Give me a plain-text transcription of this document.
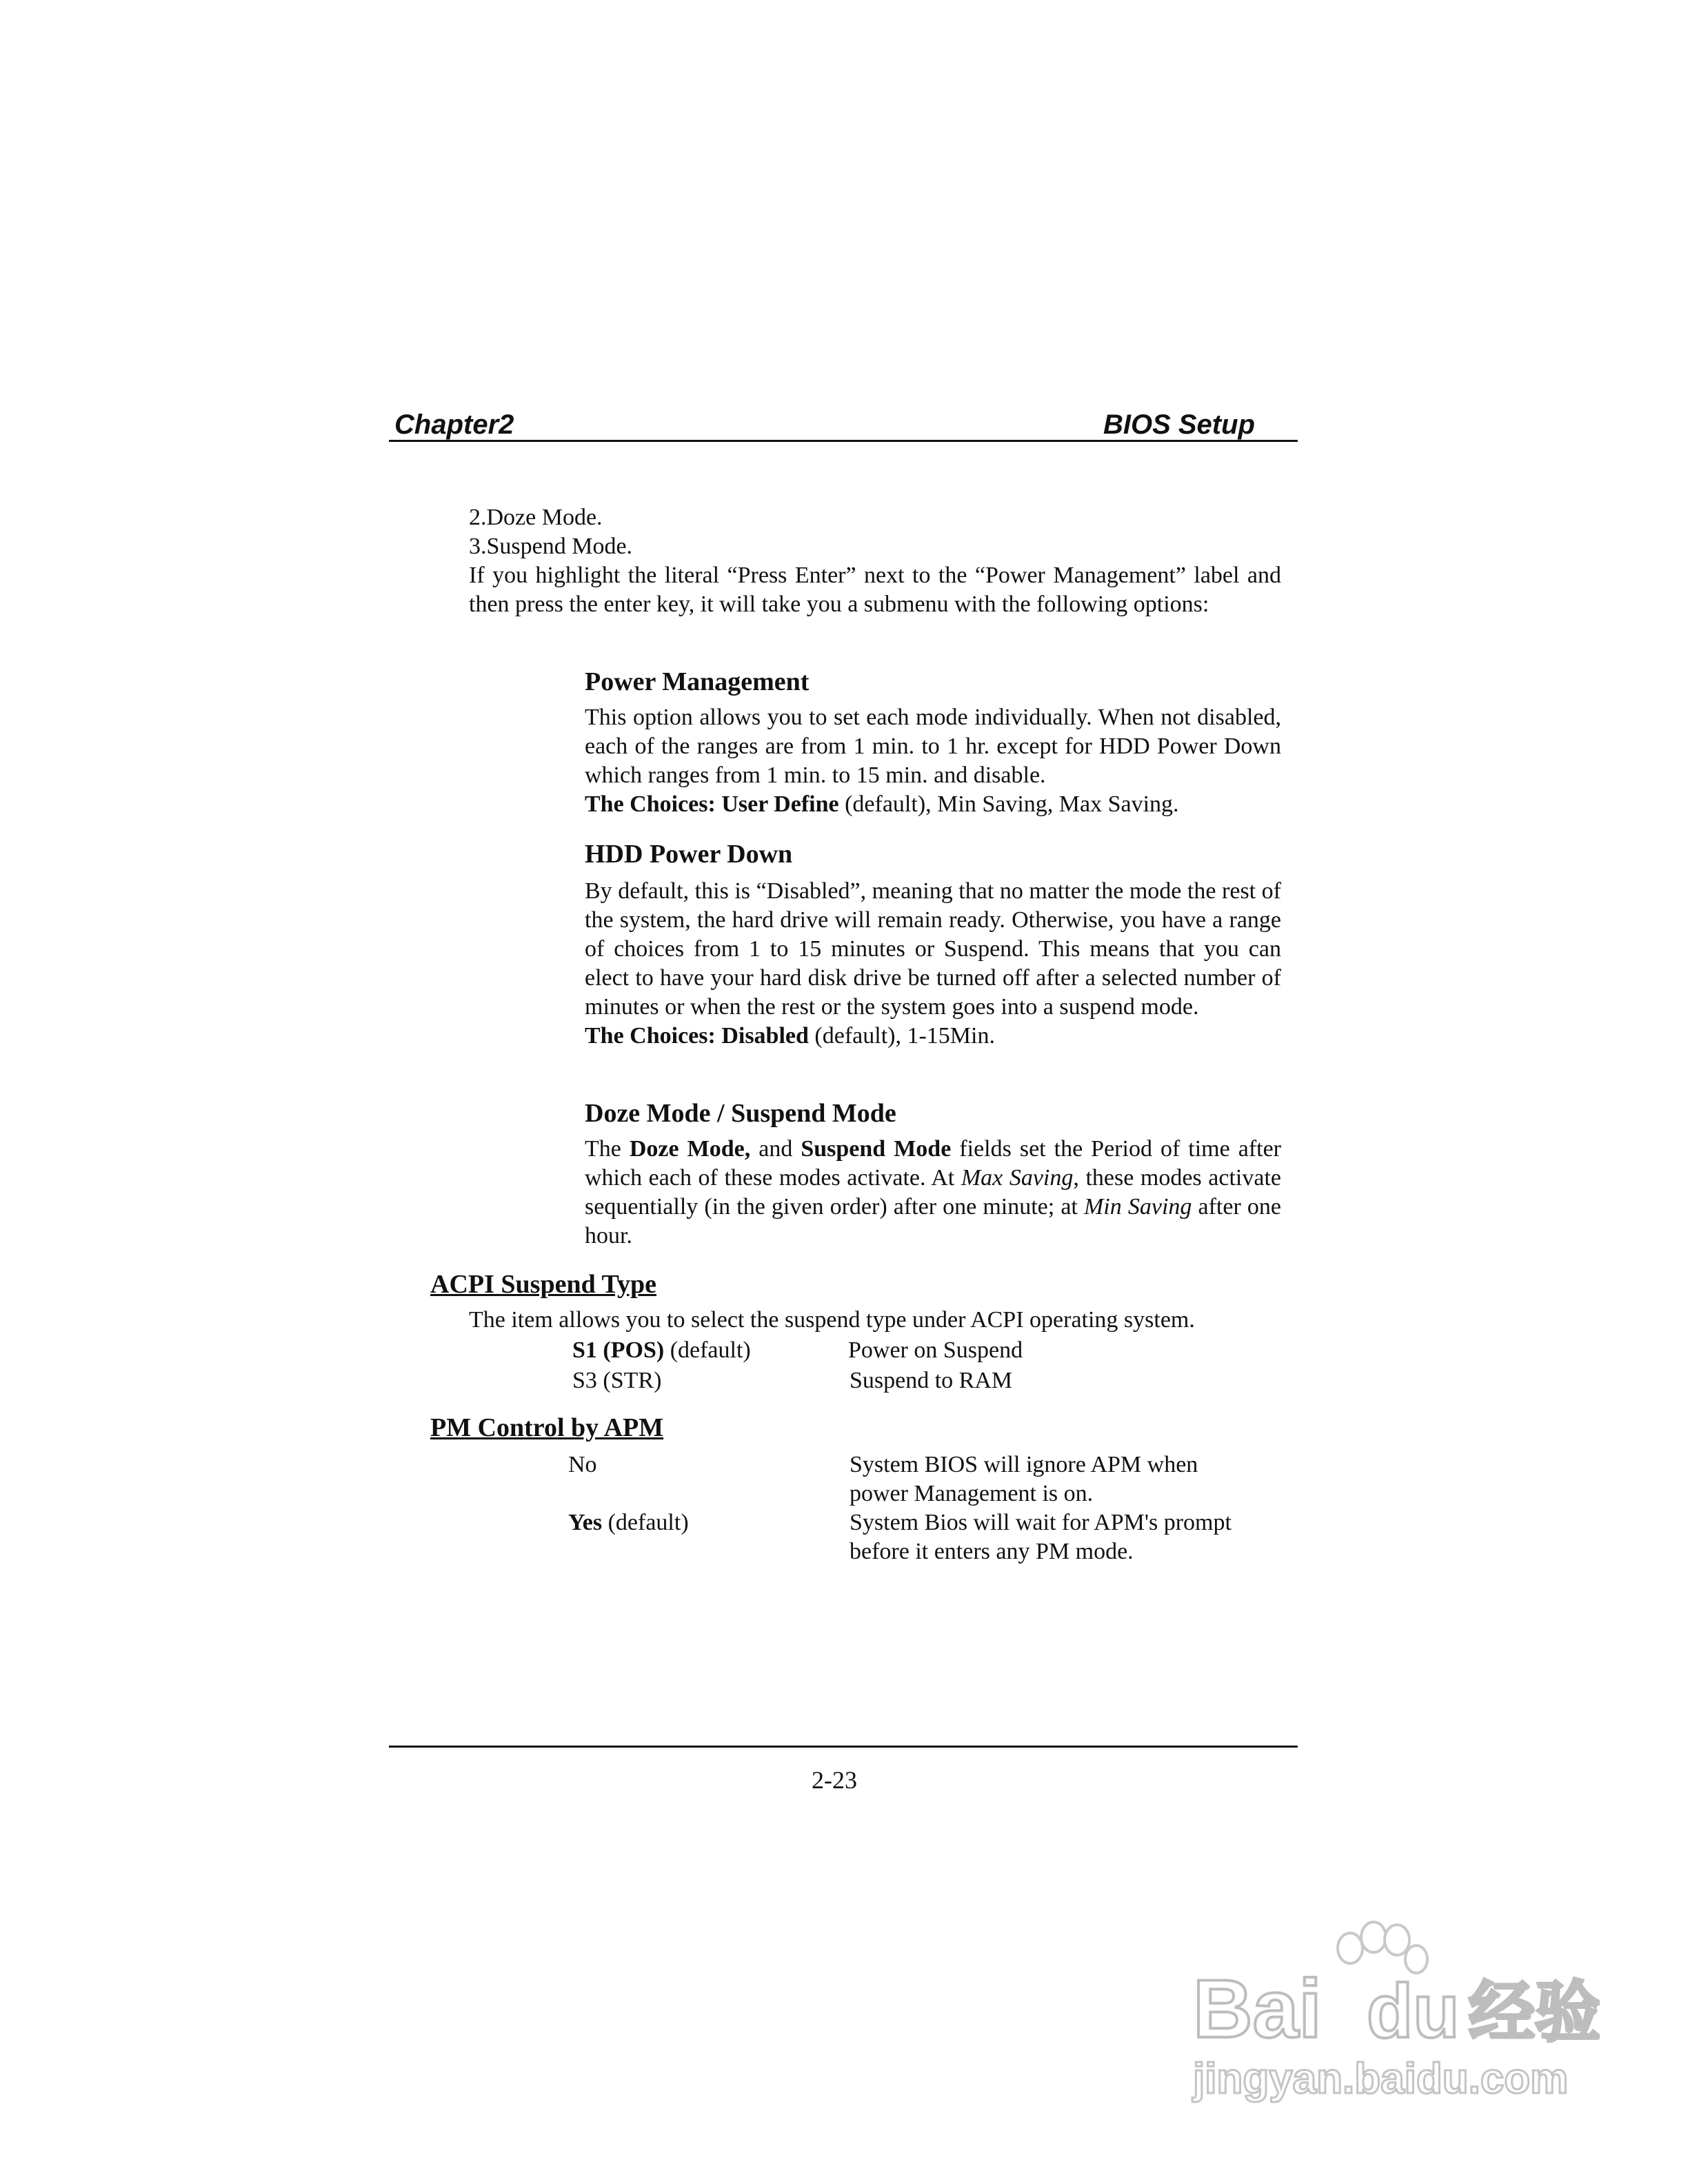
Chapter2	BIOS Setup
2.Doze Mode.
3.Suspend Mode.
If you highlight the literal “Press Enter” next to the “Power Management” label and then press the enter key, it will take you a submenu with the following options:
Power Management
This option allows you to set each mode individually. When not disabled, each of the ranges are from 1 min. to 1 hr. except for HDD Power Down which ranges from 1 min. to 15 min. and disable.
The Choices: User Define (default), Min Saving, Max Saving.
HDD Power Down
By default, this is “Disabled”, meaning that no matter the mode the rest of the system, the hard drive will remain ready. Otherwise, you have a range of choices from 1 to 15 minutes or Suspend. This means that you can elect to have your hard disk drive be turned off after a selected number of minutes or when the rest or the system goes into a suspend mode.
The Choices: Disabled (default), 1-15Min.
Doze Mode / Suspend Mode
The Doze Mode, and Suspend Mode fields set the Period of time after which each of these modes activate. At Max Saving, these modes activate sequentially (in the given order) after one minute; at Min Saving after one hour.
ACPI Suspend Type
The item allows you to select the suspend type under ACPI operating system.
S1 (POS) (default)	Power on Suspend
S3 (STR)	Suspend to RAM
PM Control by APM
No	System BIOS will ignore APM when
power Management is on.
Yes (default)	System Bios will wait for APM's prompt
before it enters any PM mode.
2-23
Bai du 经验
jingyan.baidu.com
